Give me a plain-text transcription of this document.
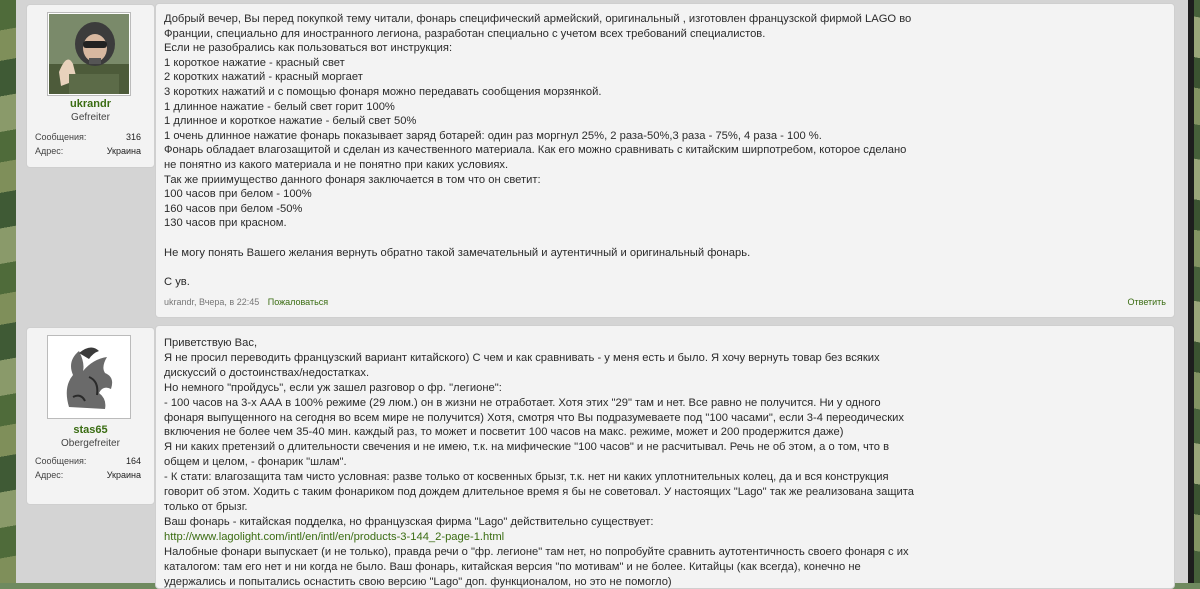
ukrandr
Gefreiter
Сообщения:	316
Адрес:	Украина
Добрый вечер, Вы перед покупкой тему читали, фонарь специфический армейский, оригинальный , изготовлен французской фирмой LAGO во
Франции, специально для иностранного легиона, разработан специально с учетом всех требований специалистов.
Если не разобрались как пользоваться вот инструкция:
1 короткое нажатие - красный свет
2 коротких нажатий - красный моргает
3 коротких нажатий и с помощью фонаря можно передавать сообщения морзянкой.
1 длинное нажатие - белый свет горит 100%
1 длинное и короткое нажатие - белый свет 50%
1 очень длинное нажатие фонарь показывает заряд ботарей: один раз моргнул 25%, 2 раза-50%,3 раза - 75%, 4 раза - 100 %.
Фонарь обладает влагозащитой и сделан из качественного материала. Как его можно сравнивать с китайским ширпотребом, которое сделано
не понятно из какого материала и не понятно при каких условиях.
Так же приимущество данного фонаря заключается в том что он светит:
100 часов при белом - 100%
160 часов при белом -50%
130 часов при красном.
Не могу понять Вашего желания вернуть обратно такой замечательный и аутентичный и оригинальный фонарь.
С ув.
ukrandr, Вчера, в 22:45 Пожаловаться	Ответить
stas65
Obergefreiter
Сообщения:	164
Адрес:	Украина
Приветствую Вас,
Я не просил переводить французский вариант китайского) С чем и как сравнивать - у меня есть и было. Я хочу вернуть товар без всяких
дискуссий о достоинствах/недостатках.
Но немного "пройдусь", если уж зашел разговор о фр. "легионе":
- 100 часов на 3-х ААА в 100% режиме (29 люм.) он в жизни не отработает. Хотя этих "29" там и нет. Все равно не получится. Ни у одного
фонаря выпущенного на сегодня во всем мире не получится) Хотя, смотря что Вы подразумеваете под "100 часами", если 3-4 переодических
включения не более чем 35-40 мин. каждый раз, то может и посветит 100 часов на макс. режиме, может и 200 продержится даже)
Я ни каких претензий о длительности свечения и не имею, т.к. на мифические "100 часов" и не расчитывал. Речь не об этом, а о том, что в
общем и целом, - фонарик "шлам".
- К стати: влагозащита там чисто условная: разве только от косвенных брызг, т.к. нет ни каких уплотнительных колец, да и вся конструкция
говорит об этом. Ходить с таким фонариком под дождем длительное время я бы не советовал. У настоящих "Lago" так же реализована защита
только от брызг.
Ваш фонарь - китайская подделка, но французская фирма "Lago" действительно существует:
http://www.lagolight.com/intl/en/intl/en/products-3-144_2-page-1.html
Налобные фонари выпускает (и не только), правда речи о "фр. легионе" там нет, но попробуйте сравнить аутотентичность своего фонаря с их
каталогом: там его нет и ни когда не было. Ваш фонарь, китайская версия "по мотивам" и не более. Китайцы (как всегда), конечно не
удержались и попытались оснастить свою версию "Lago" доп. функционалом, но это не помогло)
